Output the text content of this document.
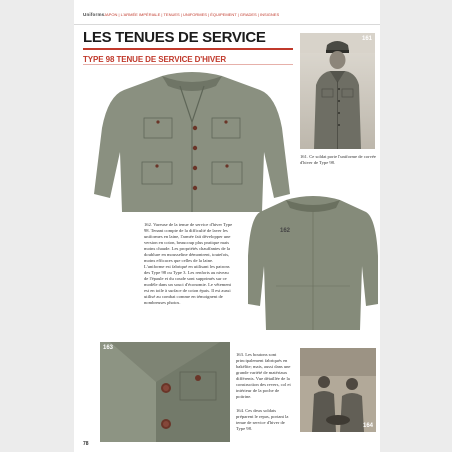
Uniforms JAPON | L'ARMÉE IMPÉRIALE | TENUES | UNIFORMES | ÉQUIPEMENT | GRADES | INSIGNES
LES TENUES DE SERVICE
TYPE 98 TENUE DE SERVICE D'HIVER
161

161. Ce soldat porte l'uniforme de corvée d'hiver de Type 98.

162. Vareuse de la tenue de service d'hiver Type 98. Tenant compte de la difficulté de laver les uniformes en laine, l'armée fait développer une version en coton, beaucoup plus pratique mais moins chaude. Les propriétés chauffantes de la doublure en mousseline démontrent, toutefois, moins efficaces que celles de la laine. L'uniforme est fabriqué en utilisant les patrons des Type 98 ou Type 3. Les renforts au niveau de l'épaule et du coude sont supprimés sur ce modèle dans un souci d'économie. Le vêtement est en toile à surface de coton épais. Il est aussi utilisé au combat comme en témoignent de nombreuses photos.

162
163

163. Les boutons sont principalement fabriqués en bakélite; mais, aussi dans une grande variété de matériaux différents. Vue détaillée de la construction des revers, col et intérieur de la poche de poitrine.

164. Ces deux soldats préparent le repas, portant la tenue de service d'hiver de Type 98.	164
78
